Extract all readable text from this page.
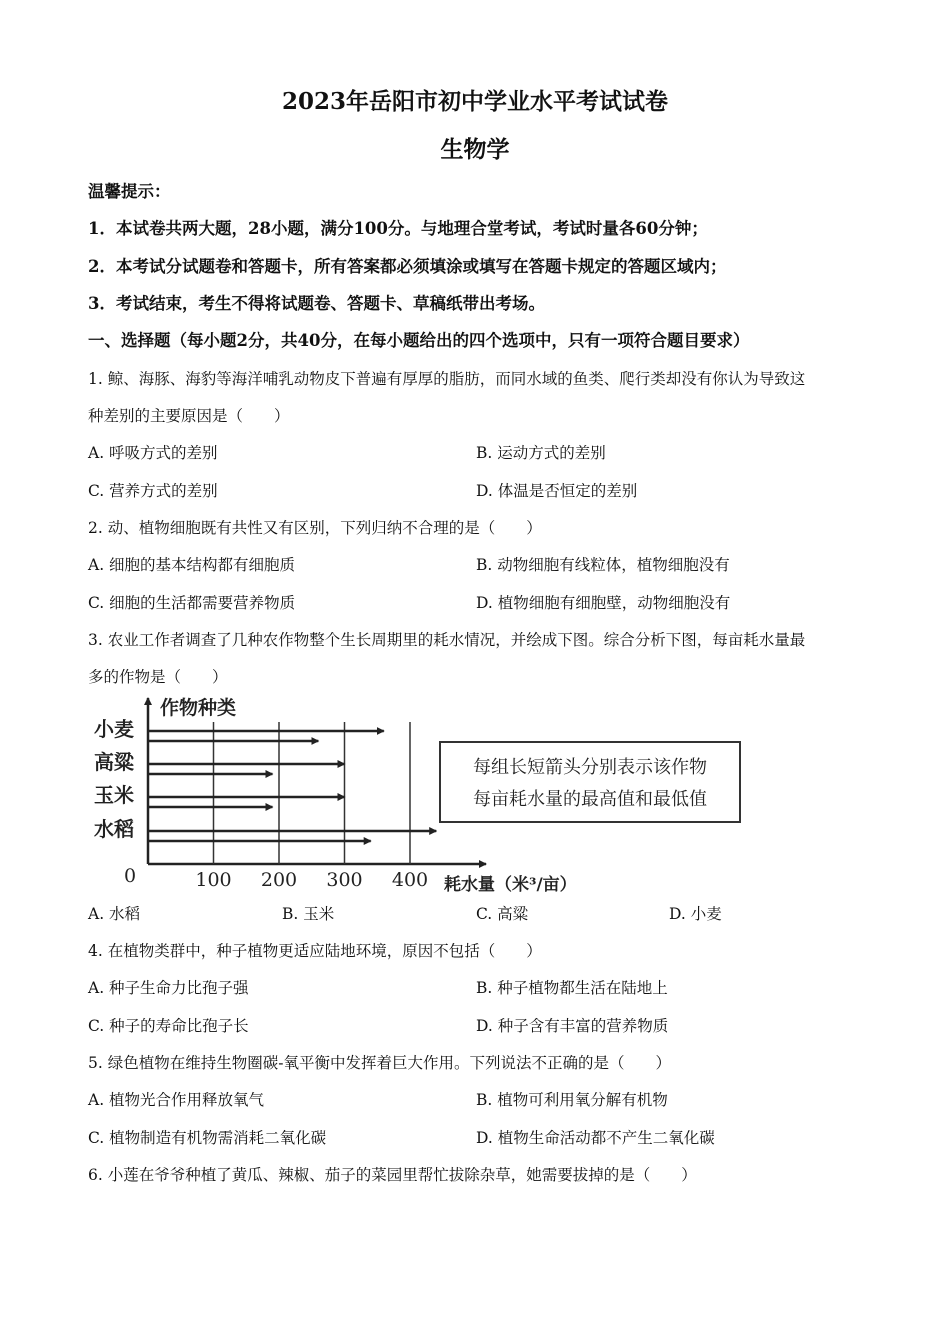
2023年岳阳市初中学业水平考试试卷
生物学
温馨提示：
1．本试卷共两大题，28小题，满分100分。与地理合堂考试，考试时量各60分钟；
2．本考试分试题卷和答题卡，所有答案都必须填涂或填写在答题卡规定的答题区域内；
3．考试结束，考生不得将试题卷、答题卡、草稿纸带出考场。
一、选择题（每小题2分，共40分，在每小题给出的四个选项中，只有一项符合题目要求）
1. 鲸、海豚、海豹等海洋哺乳动物皮下普遍有厚厚的脂肪，而同水域的鱼类、爬行类却没有你认为导致这
种差别的主要原因是（　　）
A. 呼吸方式的差别	B. 运动方式的差别
C. 营养方式的差别	D. 体温是否恒定的差别
2. 动、植物细胞既有共性又有区别，下列归纳不合理的是（　　）
A. 细胞的基本结构都有细胞质	B. 动物细胞有线粒体，植物细胞没有
C. 细胞的生活都需要营养物质	D. 植物细胞有细胞壁，动物细胞没有
3. 农业工作者调查了几种农作物整个生长周期里的耗水情况，并绘成下图。综合分析下图，每亩耗水量最
多的作物是（　　）
100 200 300 400
0
作物种类
耗水量（米³/亩）
小麦
高粱
玉米
水稻
每组长短箭头分别表示该作物
每亩耗水量的最高值和最低值
A. 水稻	B. 玉米	C. 高粱	D. 小麦
4. 在植物类群中，种子植物更适应陆地环境，原因不包括（　　）
A. 种子生命力比孢子强	B. 种子植物都生活在陆地上
C. 种子的寿命比孢子长	D. 种子含有丰富的营养物质
5. 绿色植物在维持生物圈碳-氧平衡中发挥着巨大作用。下列说法不正确的是（　　）
A. 植物光合作用释放氧气	B. 植物可利用氧分解有机物
C. 植物制造有机物需消耗二氧化碳	D. 植物生命活动都不产生二氧化碳
6. 小莲在爷爷种植了黄瓜、辣椒、茄子的菜园里帮忙拔除杂草，她需要拔掉的是（　　）
